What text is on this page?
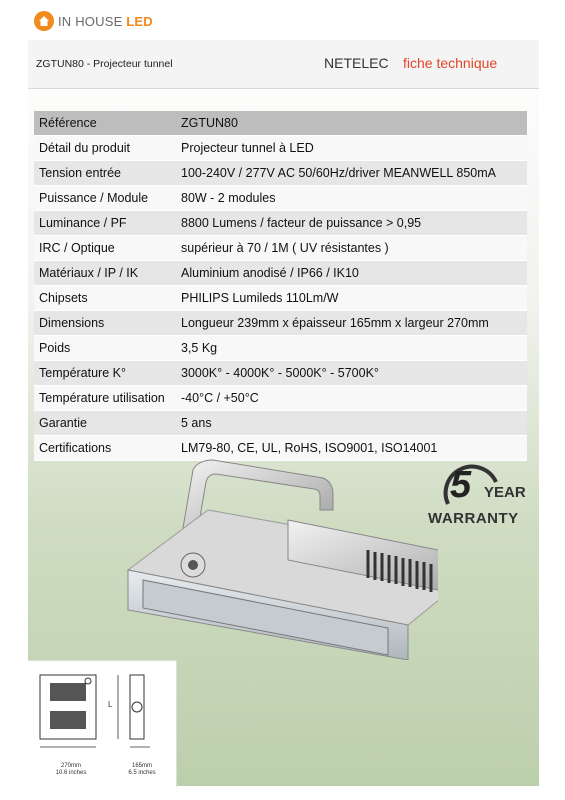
IN HOUSE LED
ZGTUN80 - Projecteur tunnel	NETELEC fiche technique
Référence	ZGTUN80
Détail du produit	Projecteur tunnel à LED
Tension entrée	100-240V / 277V AC 50/60Hz/driver MEANWELL 850mA
Puissance / Module	80W - 2 modules
Luminance / PF	8800 Lumens / facteur de puissance > 0,95
IRC / Optique	supérieur à 70 / 1M ( UV résistantes )
Matériaux / IP / IK	Aluminium anodisé / IP66 / IK10
Chipsets	PHILIPS Lumileds 110Lm/W
Dimensions	Longueur 239mm x épaisseur 165mm x largeur 270mm
Poids	3,5 Kg
Température K°	3000K° - 4000K° - 5000K° - 5700K°
Température utilisation	-40°C / +50°C
Garantie	5 ans
Certifications	LM79-80, CE, UL, RoHS, ISO9001, ISO14001
5 YEAR
WARRANTY
L
270mm
10.6 inches
165mm
6.5 inches
